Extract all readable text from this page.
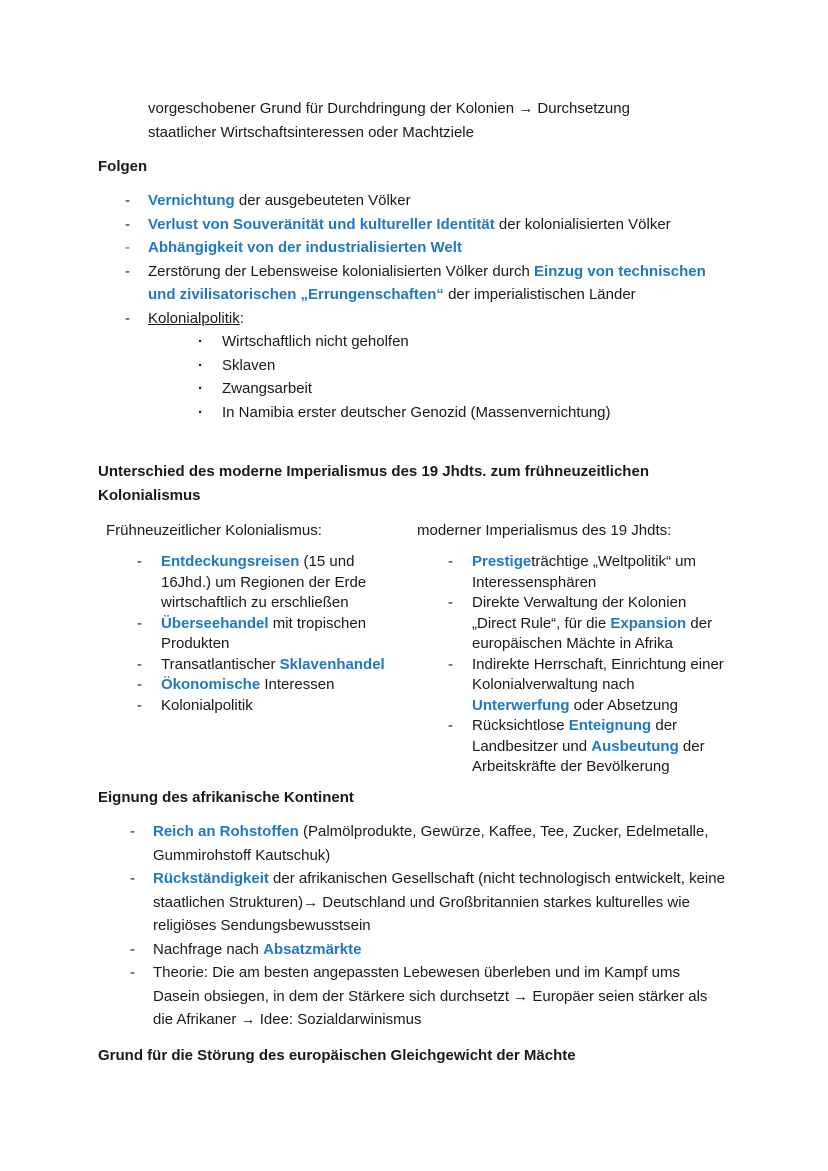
vorgeschobener Grund für Durchdringung der Kolonien → Durchsetzung
staatlicher Wirtschaftsinteressen oder Machtziele
Folgen
- Vernichtung der ausgebeuteten Völker
- Verlust von Souveränität und kultureller Identität der kolonialisierten Völker
- Abhängigkeit von der industrialisierten Welt
- Zerstörung der Lebensweise kolonialisierten Völker durch Einzug von technischen und zivilisatorischen „Errungenschaften“ der imperialistischen Länder
- Kolonialpolitik:
· Wirtschaftlich nicht geholfen
· Sklaven
· Zwangsarbeit
· In Namibia erster deutscher Genozid (Massenvernichtung)
Unterschied des moderne Imperialismus des 19 Jhdts. zum frühneuzeitlichen Kolonialismus
Frühneuzeitlicher Kolonialismus:
- Entdeckungsreisen (15 und 16Jhd.) um Regionen der Erde wirtschaftlich zu erschließen
- Überseehandel mit tropischen Produkten
- Transatlantischer Sklavenhandel
- Ökonomische Interessen
- Kolonialpolitik
moderner Imperialismus des 19 Jhdts:
- Prestigeträchtige „Weltpolitik“ um Interessensphären
- Direkte Verwaltung der Kolonien „Direct Rule“, für die Expansion der europäischen Mächte in Afrika
- Indirekte Herrschaft, Einrichtung einer Kolonialverwaltung nach Unterwerfung oder Absetzung
- Rücksichtlose Enteignung der Landbesitzer und Ausbeutung der Arbeitskräfte der Bevölkerung
Eignung des afrikanische Kontinent
- Reich an Rohstoffen (Palmölprodukte, Gewürze, Kaffee, Tee, Zucker, Edelmetalle, Gummirohstoff Kautschuk)
- Rückständigkeit der afrikanischen Gesellschaft (nicht technologisch entwickelt, keine staatlichen Strukturen)→ Deutschland und Großbritannien starkes kulturelles wie religiöses Sendungsbewusstsein
- Nachfrage nach Absatzmärkte
- Theorie: Die am besten angepassten Lebewesen überleben und im Kampf ums Dasein obsiegen, in dem der Stärkere sich durchsetzt → Europäer seien stärker als die Afrikaner → Idee: Sozialdarwinismus
Grund für die Störung des europäischen Gleichgewicht der Mächte
